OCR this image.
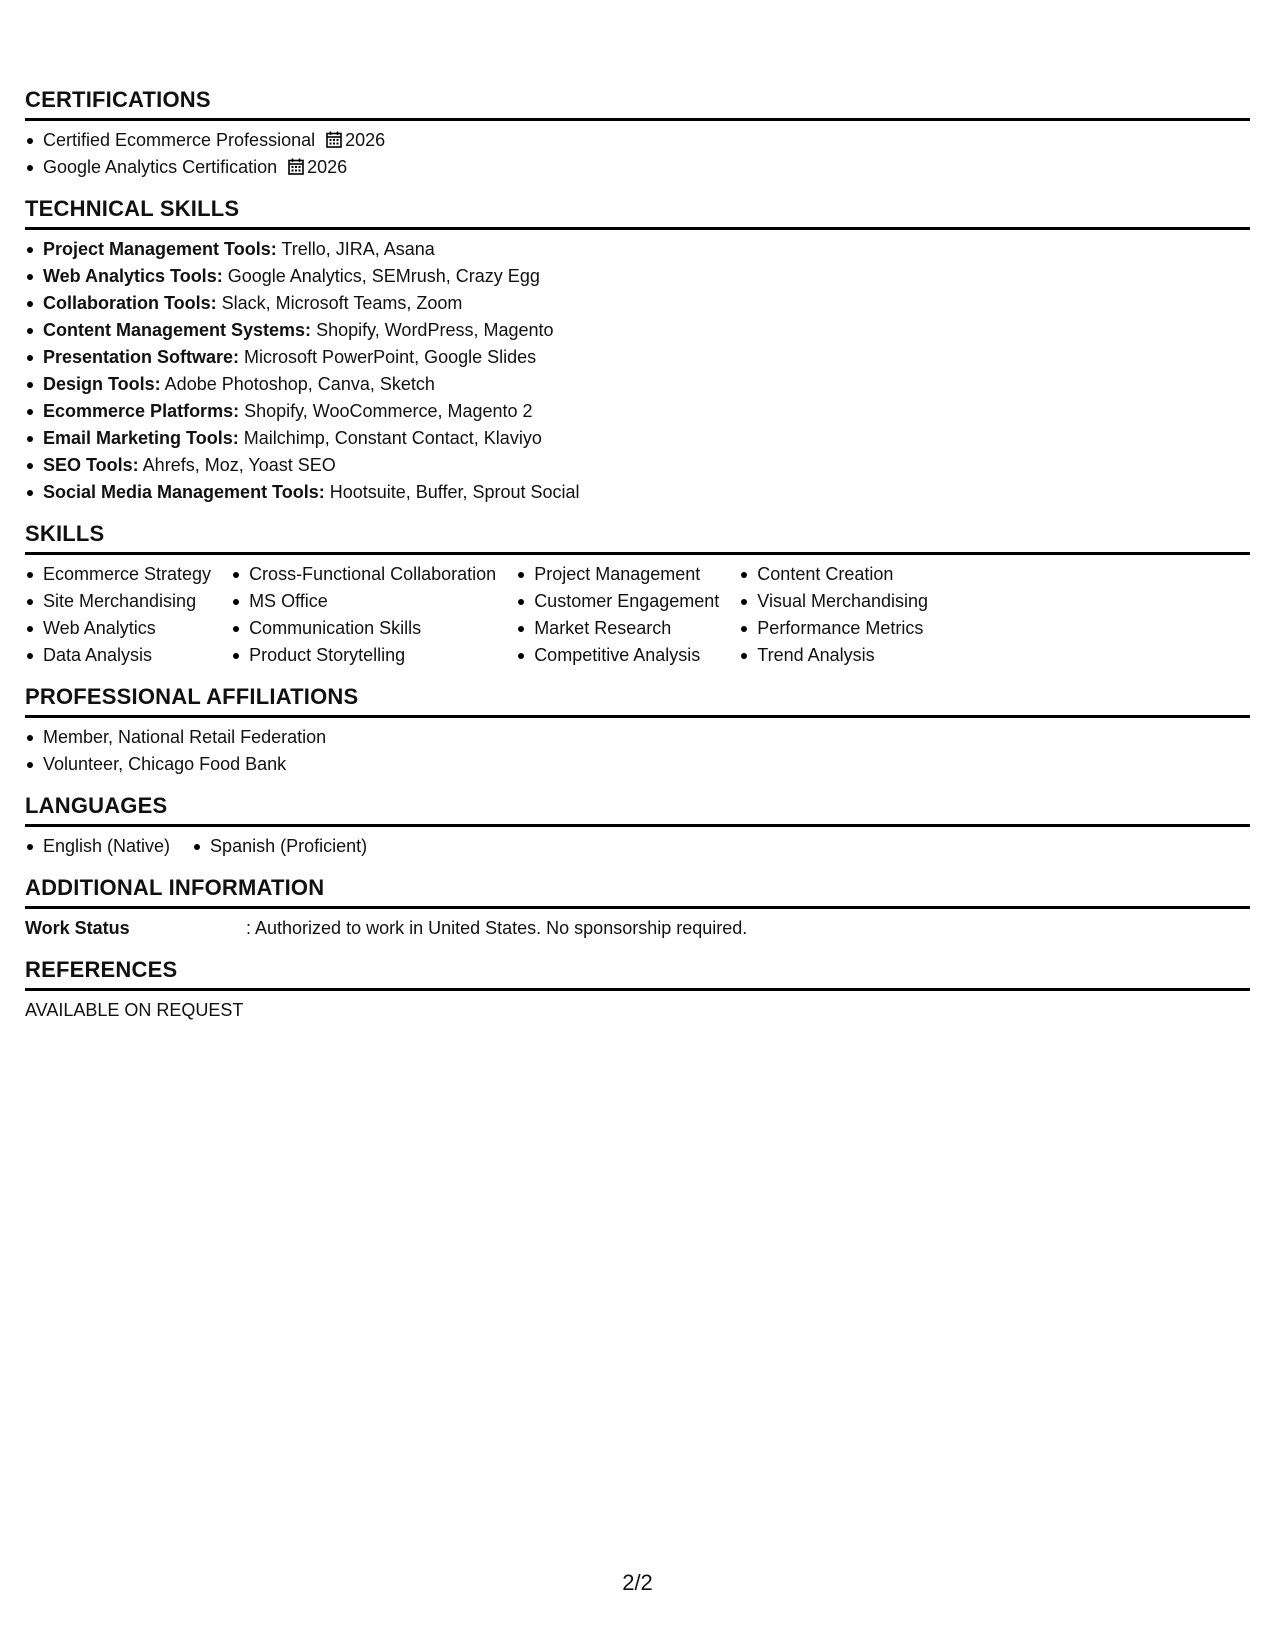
CERTIFICATIONS
Certified Ecommerce Professional 2026
Google Analytics Certification 2026
TECHNICAL SKILLS
Project Management Tools: Trello, JIRA, Asana
Web Analytics Tools: Google Analytics, SEMrush, Crazy Egg
Collaboration Tools: Slack, Microsoft Teams, Zoom
Content Management Systems: Shopify, WordPress, Magento
Presentation Software: Microsoft PowerPoint, Google Slides
Design Tools: Adobe Photoshop, Canva, Sketch
Ecommerce Platforms: Shopify, WooCommerce, Magento 2
Email Marketing Tools: Mailchimp, Constant Contact, Klaviyo
SEO Tools: Ahrefs, Moz, Yoast SEO
Social Media Management Tools: Hootsuite, Buffer, Sprout Social
SKILLS
Ecommerce Strategy
Site Merchandising
Web Analytics
Data Analysis
Cross-Functional Collaboration
MS Office
Communication Skills
Product Storytelling
Project Management
Customer Engagement
Market Research
Competitive Analysis
Content Creation
Visual Merchandising
Performance Metrics
Trend Analysis
PROFESSIONAL AFFILIATIONS
Member, National Retail Federation
Volunteer, Chicago Food Bank
LANGUAGES
English (Native)	Spanish (Proficient)
ADDITIONAL INFORMATION
Work Status	: Authorized to work in United States. No sponsorship required.
REFERENCES
AVAILABLE ON REQUEST
2/2
